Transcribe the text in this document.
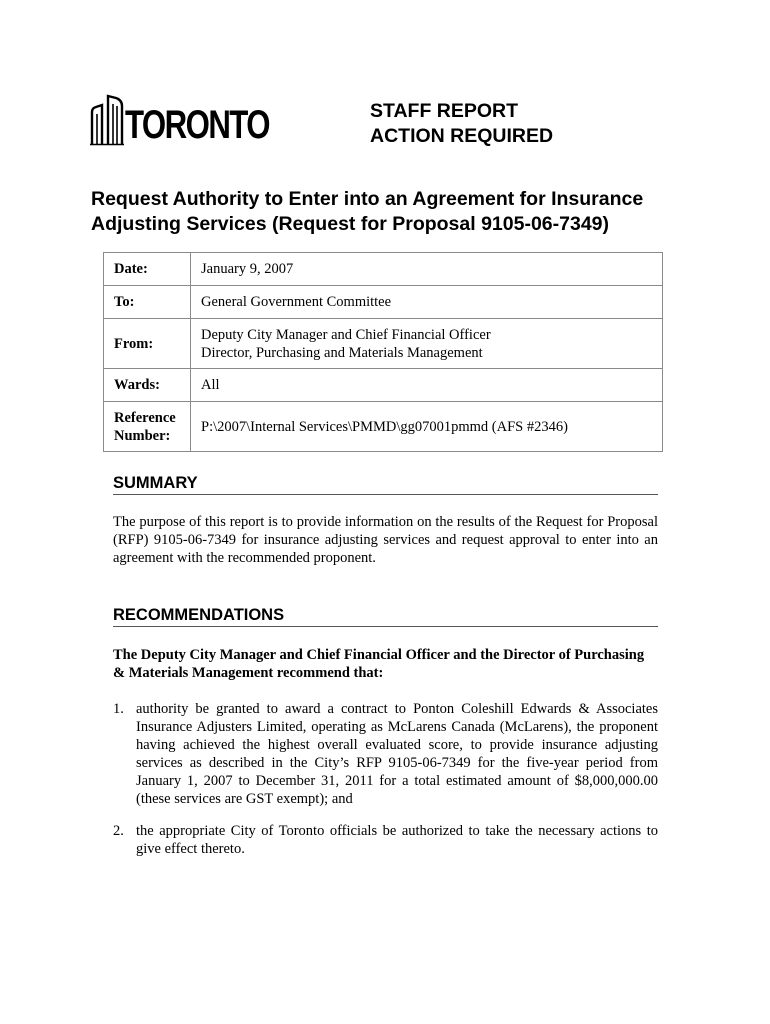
TORONTO	STAFF REPORT
ACTION REQUIRED
Request Authority to Enter into an Agreement for Insurance Adjusting Services (Request for Proposal 9105-06-7349)
Date:	January 9, 2007
To:	General Government Committee
From:	Deputy City Manager and Chief Financial Officer
Director, Purchasing and Materials Management

Wards:	All
Reference Number:	P:\2007\Internal Services\PMMD\gg07001pmmd (AFS #2346)
SUMMARY

The purpose of this report is to provide information on the results of the Request for Proposal (RFP) 9105-06-7349 for insurance adjusting services and request approval to enter into an agreement with the recommended proponent.

RECOMMENDATIONS

The Deputy City Manager and Chief Financial Officer and the Director of Purchasing & Materials Management recommend that:

1. authority be granted to award a contract to Ponton Coleshill Edwards & Associates Insurance Adjusters Limited, operating as McLarens Canada (McLarens), the proponent having achieved the highest overall evaluated score, to provide insurance adjusting services as described in the City’s RFP 9105-06-7349 for the five-year period from January 1, 2007 to December 31, 2011 for a total estimated amount of $8,000,000.00 (these services are GST exempt); and
2. the appropriate City of Toronto officials be authorized to take the necessary actions to give effect thereto.
